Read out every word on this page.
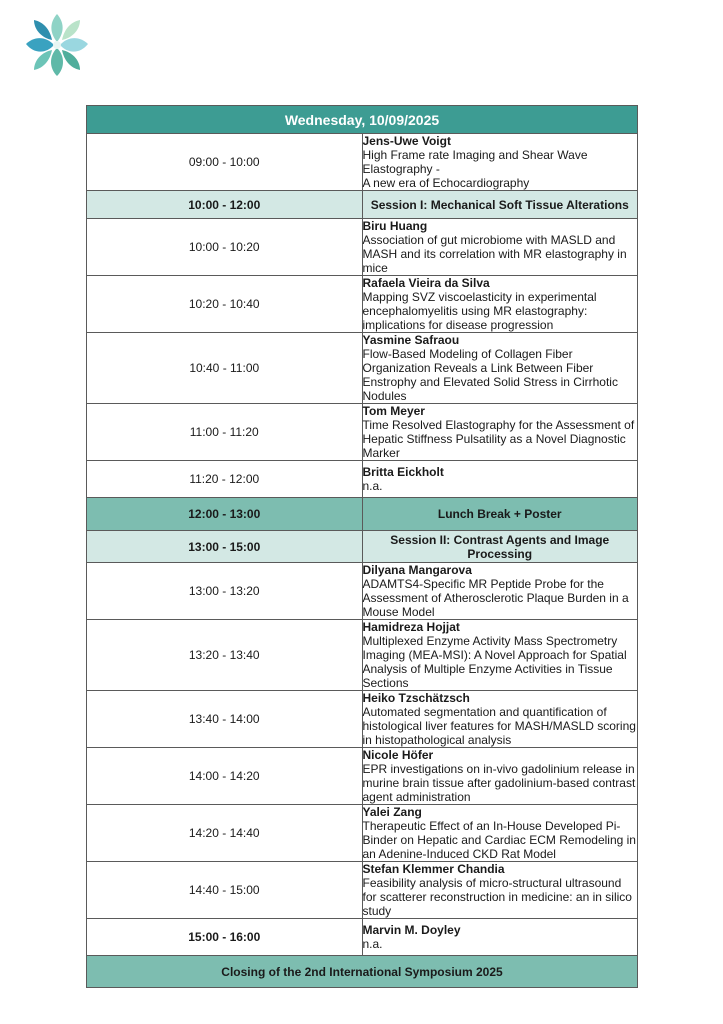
Wednesday, 10/09/2025	
09:00 - 10:00	Jens-Uwe Voigt
High Frame rate Imaging and Shear Wave Elastography -
A new era of Echocardiography

10:00 - 12:00	Session I: Mechanical Soft Tissue Alterations
10:00 - 10:20	Biru Huang
Association of gut microbiome with MASLD and MASH and its correlation with MR elastography in mice

10:20 - 10:40	Rafaela Vieira da Silva
Mapping SVZ viscoelasticity in experimental encephalomyelitis using MR elastography: implications for disease progression

10:40 - 11:00	Yasmine Safraou
Flow-Based Modeling of Collagen Fiber Organization Reveals a Link Between Fiber Enstrophy and Elevated Solid Stress in Cirrhotic Nodules

11:00 - 11:20	Tom Meyer
Time Resolved Elastography for the Assessment of Hepatic Stiffness Pulsatility as a Novel Diagnostic Marker

11:20 - 12:00	Britta Eickholt
n.a.

12:00 - 13:00	Lunch Break + Poster
13:00 - 15:00	Session II: Contrast Agents and Image Processing
13:00 - 13:20	Dilyana Mangarova
ADAMTS4-Specific MR Peptide Probe for the Assessment of Atherosclerotic Plaque Burden in a Mouse Model

13:20 - 13:40	Hamidreza Hojjat
Multiplexed Enzyme Activity Mass Spectrometry Imaging (MEA-MSI): A Novel Approach for Spatial Analysis of Multiple Enzyme Activities in Tissue Sections

13:40 - 14:00	Heiko Tzschätzsch
Automated segmentation and quantification of histological liver features for MASH/MASLD scoring in histopathological analysis

14:00 - 14:20	Nicole Höfer
EPR investigations on in-vivo gadolinium release in murine brain tissue after gadolinium-based contrast agent administration

14:20 - 14:40	Yalei Zang
Therapeutic Effect of an In-House Developed Pi-Binder on Hepatic and Cardiac ECM Remodeling in an Adenine-Induced CKD Rat Model

14:40 - 15:00	Stefan Klemmer Chandia
Feasibility analysis of micro-structural ultrasound for scatterer reconstruction in medicine: an in silico study

15:00 - 16:00	Marvin M. Doyley
n.a.

Closing of the 2nd International Symposium 2025	
